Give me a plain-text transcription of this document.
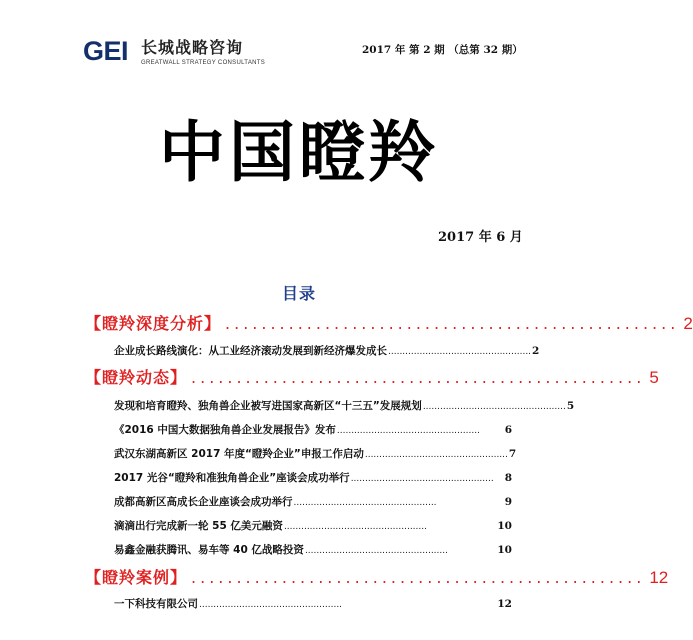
GEI 长城战略咨询
GREATWALL STRATEGY CONSULTANTS
2017 年 第 2 期 （总第 32 期）
中国瞪羚
2017 年 6 月
目录
【瞪羚深度分析】 .................................................. 2
企业成长路线演化：从工业经济滚动发展到新经济爆发成长 .................................................. 2
【瞪羚动态】 .................................................. 5
发现和培育瞪羚、独角兽企业被写进国家高新区“十三五”发展规划 .................................................. 5
《2016 中国大数据独角兽企业发展报告》发布 ..................................................	6
武汉东湖高新区 2017 年度“瞪羚企业”申报工作启动 .................................................. 7
2017 光谷“瞪羚和准独角兽企业”座谈会成功举行 ..................................................	8
成都高新区高成长企业座谈会成功举行 ..................................................	9
滴滴出行完成新一轮 55 亿美元融资 ..................................................	10
易鑫金融获腾讯、易车等 40 亿战略投资 ..................................................	10
【瞪羚案例】 .................................................. 12
一下科技有限公司 ..................................................	12
